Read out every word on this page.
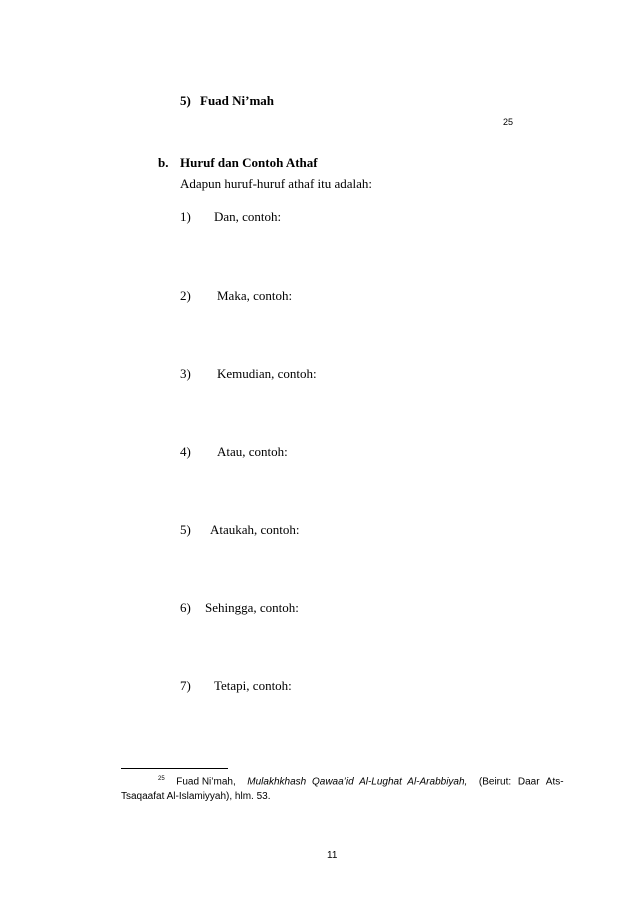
5) Fuad Ni’mah
25
b. Huruf dan Contoh Athaf
Adapun huruf-huruf athaf itu adalah:
1) Dan, contoh:
2) Maka, contoh:
3) Kemudian, contoh:
4) Atau, contoh:
5) Ataukah, contoh:
6) Sehingga, contoh:
7) Tetapi, contoh:
$^{25}$ Fuad Ni’mah, Mulakhkhash Qawaa’id Al-Lughat Al-Arabbiyah, (Beirut: Daar Ats-
Tsaqaafat Al-Islamiyyah), hlm. 53.
11
